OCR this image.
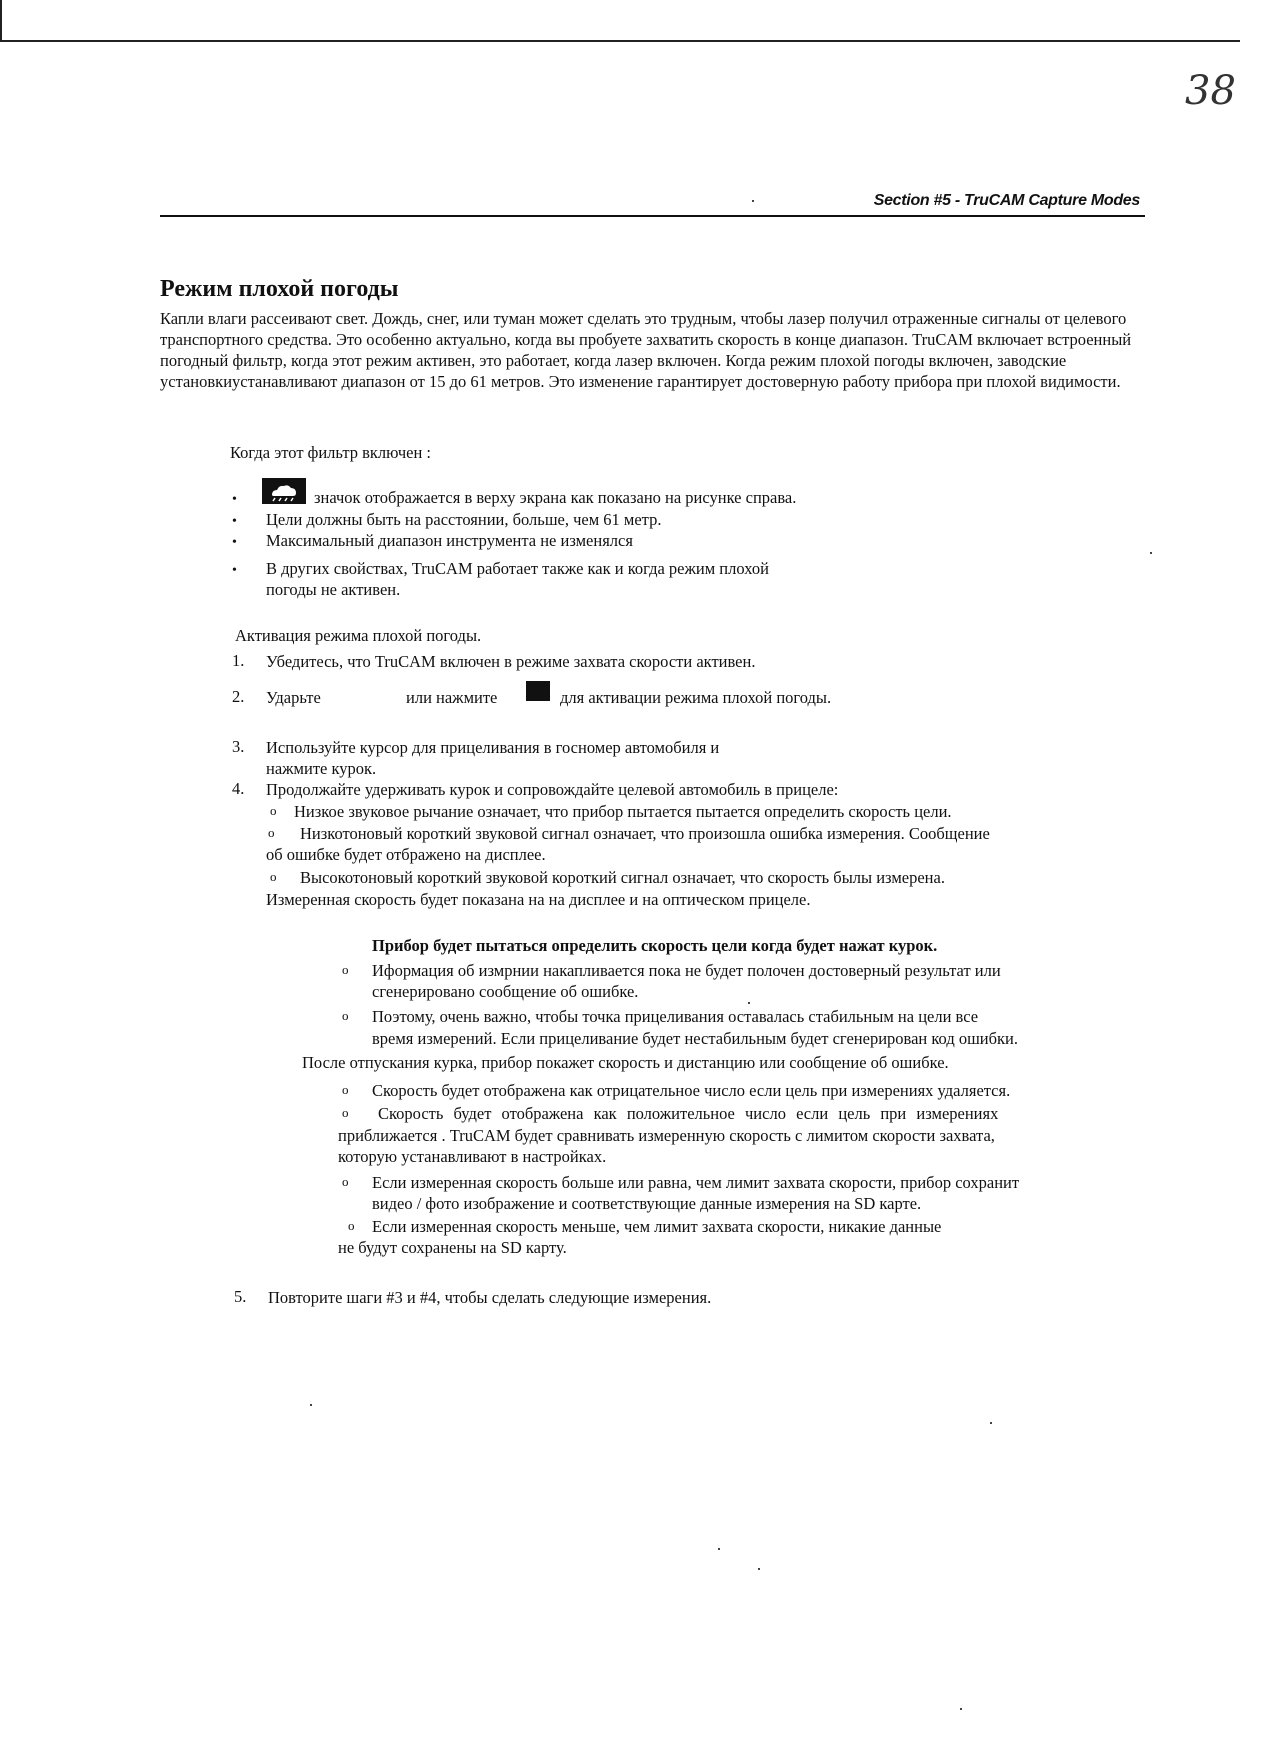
38
Section #5 - TruCAM Capture Modes
Режим плохой погоды

Капли влаги рассеивают свет. Дождь, снег, или туман может сделать это трудным, чтобы лазер получил отраженные сигналы от целевого транспортного средства. Это особенно актуально, когда вы пробуете захватить скорость в конце диапазон. TruCAM включает встроенный погодный фильтр, когда этот режим активен, это работает, когда лазер включен. Когда режим плохой погоды включен, заводские установкиустанавливают диапазон от 15 до 61 метров. Это изменение гарантирует достоверную работу прибора при плохой видимости.

Когда этот фильтр включен :
•	значок отображается в верху экрана как показано на рисунке справа.
• Цели должны быть на расстоянии, больше, чем 61 метр.
• Максимальный диапазон инструмента не изменялся
• В других свойствах, TruCAM работает также как и когда режим плохой
погоды не активен.
Активация режима плохой погоды.
1. Убедитесь, что TruCAM включен в режиме захвата скорости активен.
2. Ударьте	или нажмите	для активации режима плохой погоды.
3. Используйте курсор для прицеливания в госномер автомобиля и
нажмите курок.
4. Продолжайте удерживать курок и сопровождайте целевой автомобиль в прицеле:
o Низкое звуковое рычание означает, что прибор пытается пытается определить скорость цели.
o Низкотоновый короткий звуковой сигнал означает, что произошла ошибка измерения. Сообщение
об ошибке будет отбражено на дисплее.
o Высокотоновый короткий звуковой короткий сигнал означает, что скорость былы измерена.
Измеренная скорость будет показана на на дисплее и на оптическом прицеле.
Прибор будет пытаться определить скорость цели когда будет нажат курок.
o Иформация об измрнии накапливается пока не будет полочен достоверный результат или
сгенерировано сообщение об ошибке.
o Поэтому, очень важно, чтобы точка прицеливания оставалась стабильным на цели все
время измерений. Если прицеливание будет нестабильным будет сгенерирован код ошибки.
После отпускания курка, прибор покажет скорость и дистанцию или сообщение об ошибке.
o Скорость будет отображена как отрицательное число если цель при измерениях удаляется.
o Скорость будет отображена как положительное число если цель при измерениях
приближается . TruCAM будет сравнивать измеренную скорость с лимитом скорости захвата,
которую устанавливают в настройках.
o Если измеренная скорость больше или равна, чем лимит захвата скорости, прибор сохранит
видео / фото изображение и соответствующие данные измерения на SD карте.
o Если измеренная скорость меньше, чем лимит захвата скорости, никакие данные
не будут сохранены на SD карту.
5. Повторите шаги #3 и #4, чтобы сделать следующие измерения.
